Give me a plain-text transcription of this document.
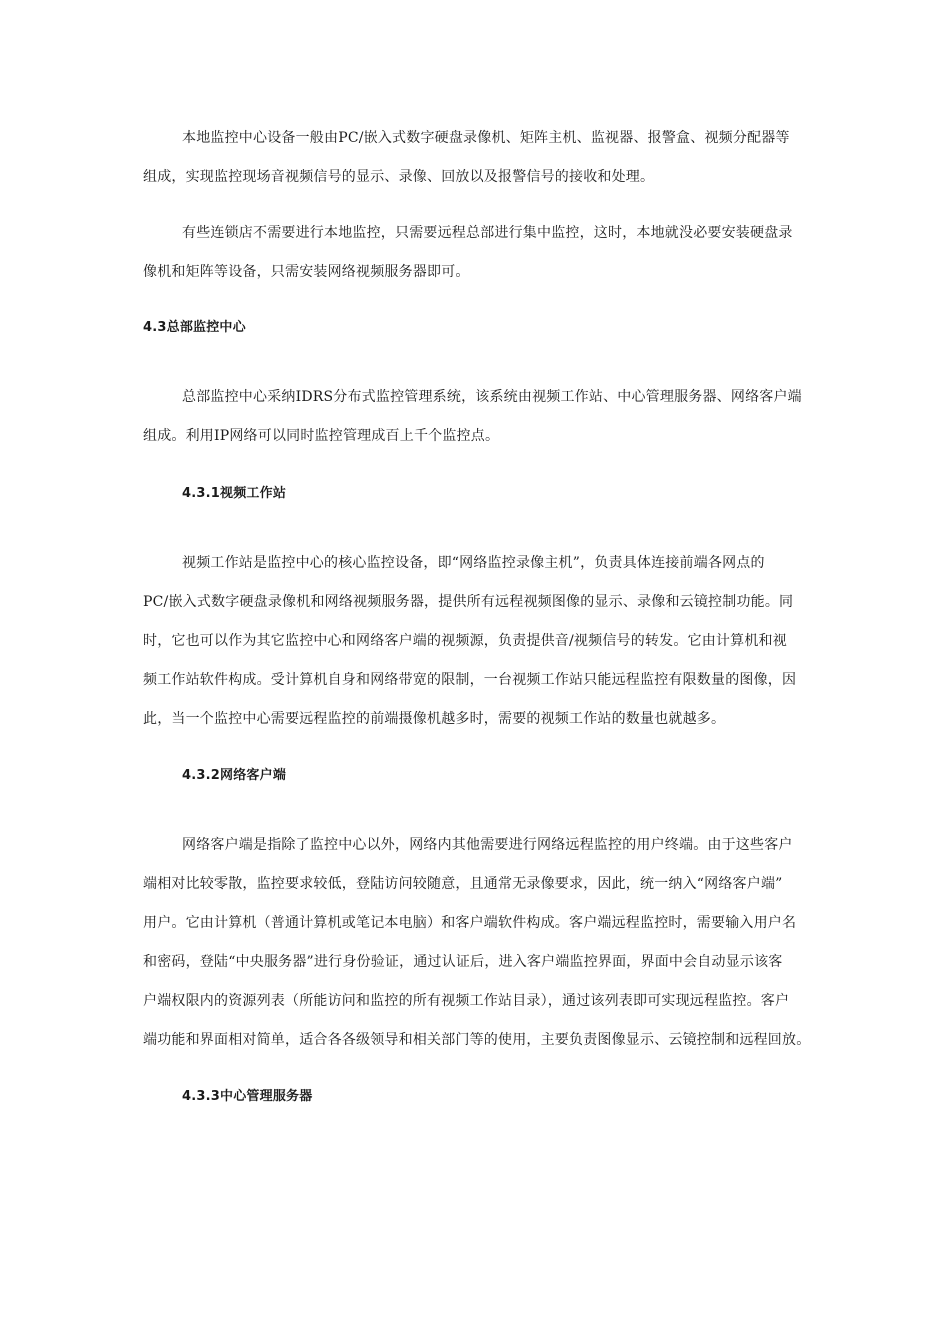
本地监控中心设备一般由PC/嵌入式数字硬盘录像机、矩阵主机、监视器、报警盒、视频分配器等
组成，实现监控现场音视频信号的显示、录像、回放以及报警信号的接收和处理。
有些连锁店不需要进行本地监控，只需要远程总部进行集中监控，这时，本地就没必要安装硬盘录
像机和矩阵等设备，只需安装网络视频服务器即可。
4.3总部监控中心
总部监控中心采纳IDRS分布式监控管理系统，该系统由视频工作站、中心管理服务器、网络客户端
组成。利用IP网络可以同时监控管理成百上千个监控点。
4.3.1视频工作站
视频工作站是监控中心的核心监控设备，即“网络监控录像主机”，负责具体连接前端各网点的
PC/嵌入式数字硬盘录像机和网络视频服务器，提供所有远程视频图像的显示、录像和云镜控制功能。同
时，它也可以作为其它监控中心和网络客户端的视频源，负责提供音/视频信号的转发。它由计算机和视
频工作站软件构成。受计算机自身和网络带宽的限制，一台视频工作站只能远程监控有限数量的图像，因
此，当一个监控中心需要远程监控的前端摄像机越多时，需要的视频工作站的数量也就越多。
4.3.2网络客户端
网络客户端是指除了监控中心以外，网络内其他需要进行网络远程监控的用户终端。由于这些客户
端相对比较零散，监控要求较低，登陆访问较随意，且通常无录像要求，因此，统一纳入“网络客户端”
用户。它由计算机（普通计算机或笔记本电脑）和客户端软件构成。客户端远程监控时，需要输入用户名
和密码，登陆“中央服务器”进行身份验证，通过认证后，进入客户端监控界面，界面中会自动显示该客
户端权限内的资源列表（所能访问和监控的所有视频工作站目录），通过该列表即可实现远程监控。客户
端功能和界面相对简单，适合各各级领导和相关部门等的使用，主要负责图像显示、云镜控制和远程回放。
4.3.3中心管理服务器
